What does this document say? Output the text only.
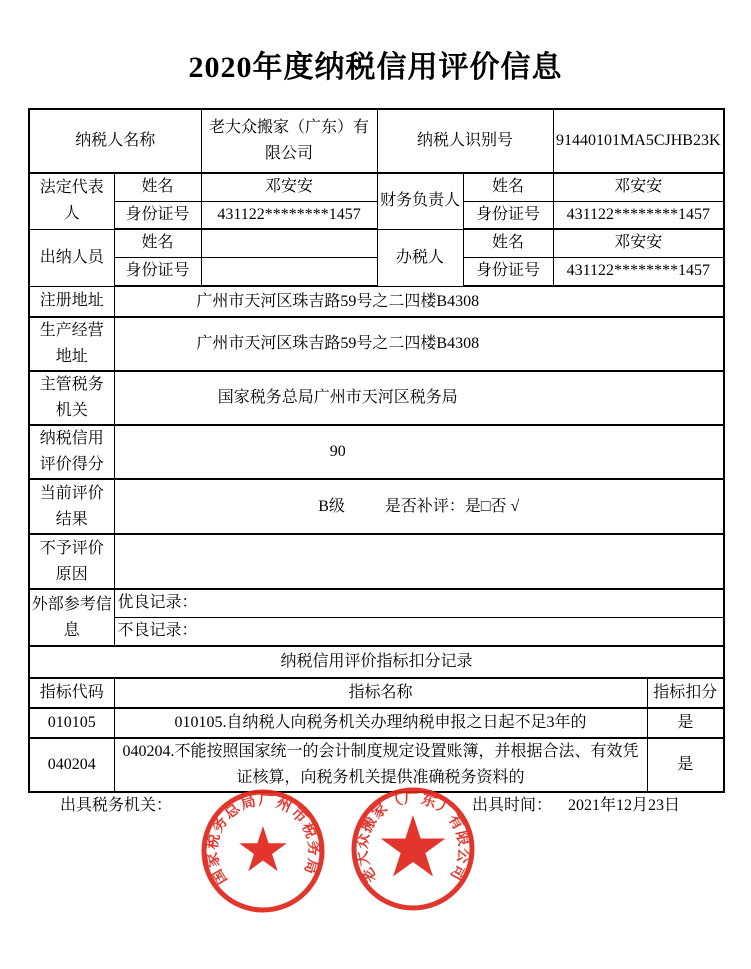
2020年度纳税信用评价信息
纳税人名称		老大众搬家（广东）有限公司	纳税人识别号		91440101MA5CJHB23K
法定代表人	姓名	邓安安	财务负责人	姓名	邓安安
	身份证号	431122********1457		身份证号	431122********1457
出纳人员	姓名		办税人	姓名	邓安安
	身份证号			身份证号	431122********1457
注册地址	广州市天河区珠吉路59号之二四楼B4308				
生产经营地址	广州市天河区珠吉路59号之二四楼B4308				
主管税务机关	国家税务总局广州市天河区税务局				
纳税信用评价得分	90				
当前评价结果	B级 是否补评：是□否 √				
不予评价原因					
外部参考信息	优良记录：				
	不良记录：				
纳税信用评价指标扣分记录		
指标代码	指标名称	指标扣分
010105	010105.自纳税人向税务机关办理纳税申报之日起不足3年的	是
040204	040204.不能按照国家统一的会计制度规定设置账簿，并根据合法、有效凭证核算，向税务机关提供准确税务资料的	是
出具税务机关：	出具时间： 2021年12月23日
国家税务总局广州市税务局	老大众搬家（广东）有限公司
